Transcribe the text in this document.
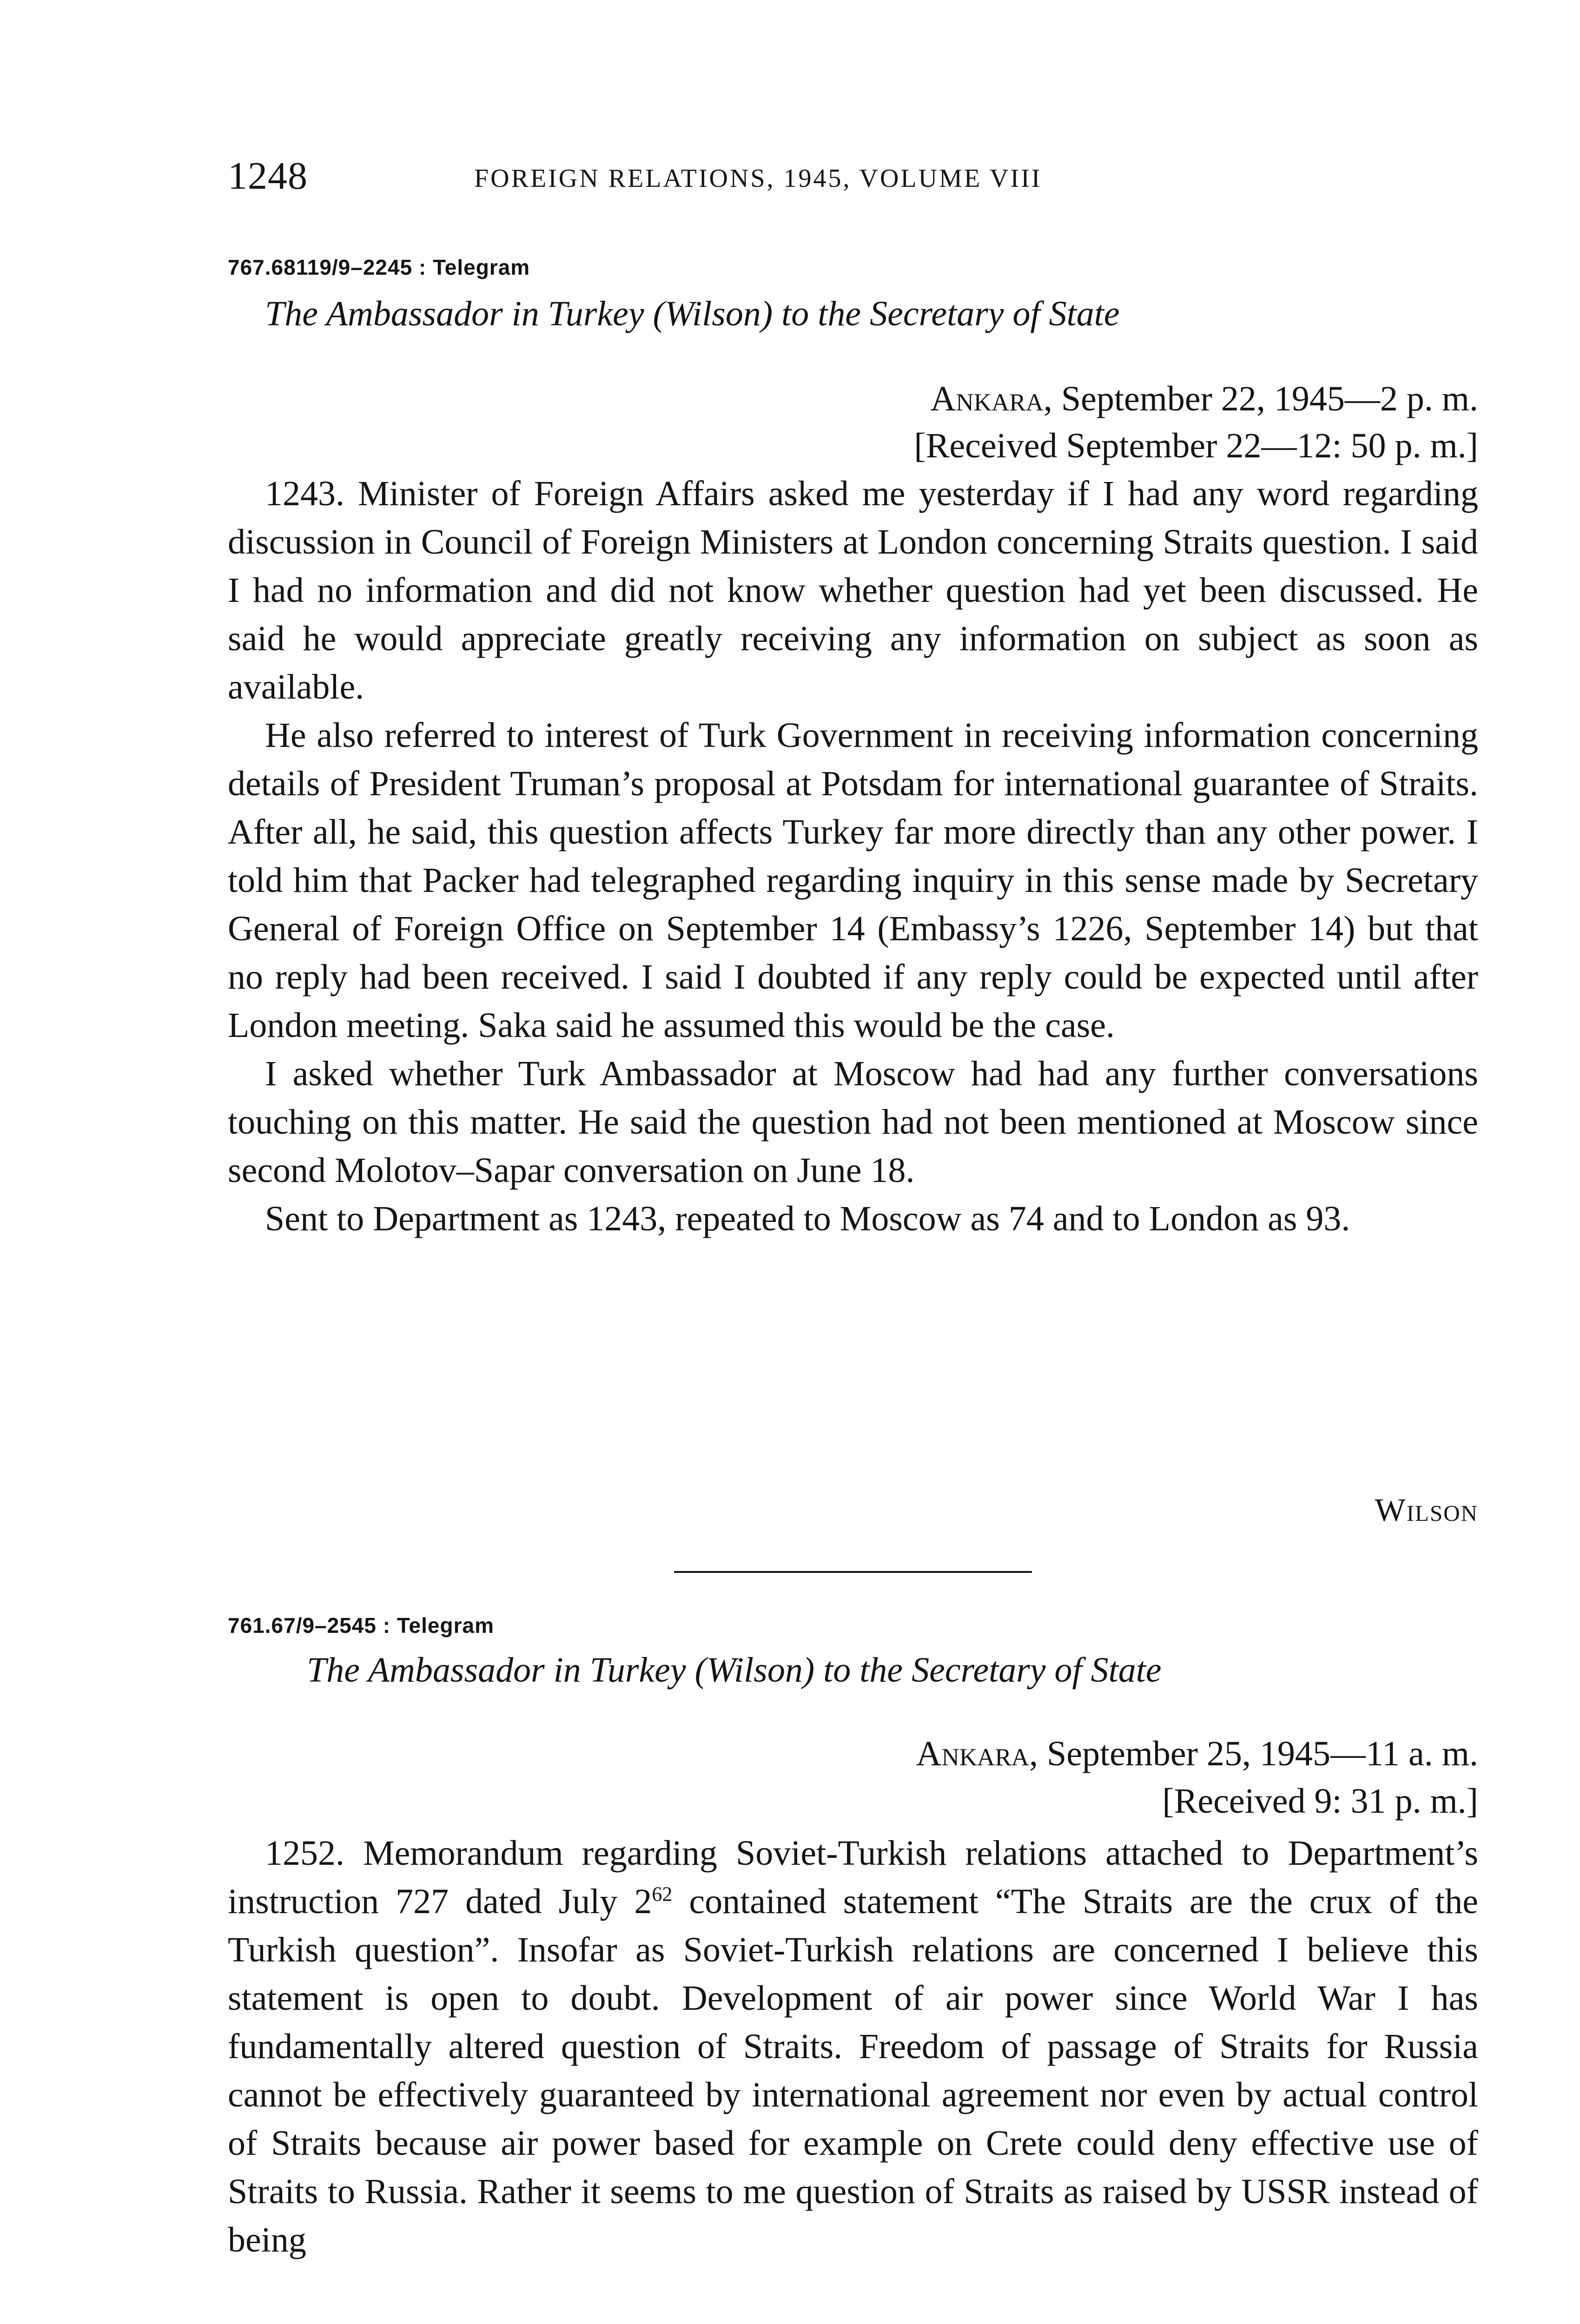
1248	FOREIGN RELATIONS, 1945, VOLUME VIII
767.68119/9–2245 : Telegram
The Ambassador in Turkey (Wilson) to the Secretary of State
Ankara, September 22, 1945—2 p. m.
[Received September 22—12: 50 p. m.]

1243. Minister of Foreign Affairs asked me yesterday if I had any word regarding discussion in Council of Foreign Ministers at London concerning Straits question. I said I had no information and did not know whether question had yet been discussed. He said he would appreciate greatly receiving any information on subject as soon as available.

He also referred to interest of Turk Government in receiving information concerning details of President Truman’s proposal at Potsdam for international guarantee of Straits. After all, he said, this question affects Turkey far more directly than any other power. I told him that Packer had telegraphed regarding inquiry in this sense made by Secretary General of Foreign Office on September 14 (Embassy’s 1226, September 14) but that no reply had been received. I said I doubted if any reply could be expected until after London meeting. Saka said he assumed this would be the case.

I asked whether Turk Ambassador at Moscow had had any further conversations touching on this matter. He said the question had not been mentioned at Moscow since second Molotov–Sapar conversation on June 18.

Sent to Department as 1243, repeated to Moscow as 74 and to London as 93.

Wilson
761.67/9–2545 : Telegram
The Ambassador in Turkey (Wilson) to the Secretary of State
Ankara, September 25, 1945—11 a. m.
[Received 9: 31 p. m.]

1252. Memorandum regarding Soviet-Turkish relations attached to Department’s instruction 727 dated July $2^{62}$ contained statement “The Straits are the crux of the Turkish question”. Insofar as Soviet-Turkish relations are concerned I believe this statement is open to doubt. Development of air power since World War I has fundamentally altered question of Straits. Freedom of passage of Straits for Russia cannot be effectively guaranteed by international agreement nor even by actual control of Straits because air power based for example on Crete could deny effective use of Straits to Russia. Rather it seems to me question of Straits as raised by USSR instead of being
